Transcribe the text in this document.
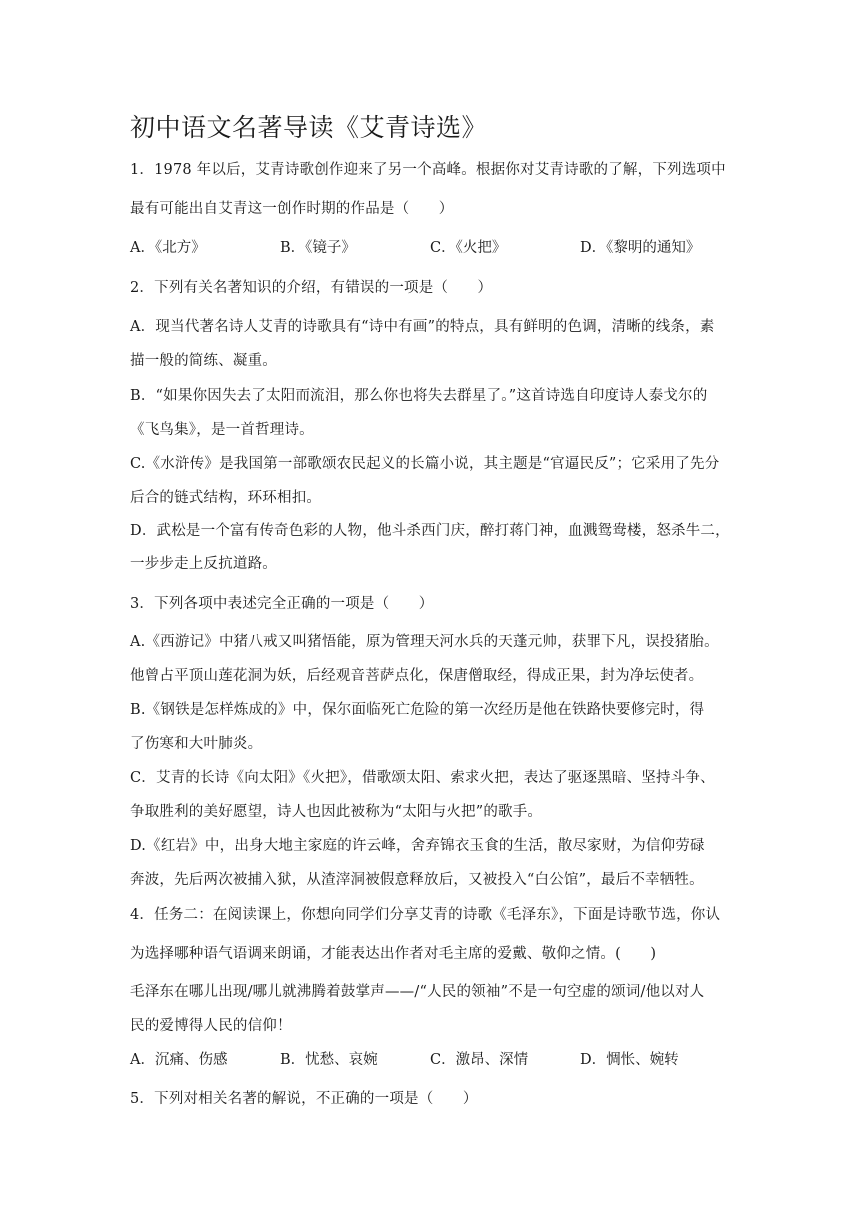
初中语文名著导读《艾青诗选》
1．1978 年以后，艾青诗歌创作迎来了另一个高峰。根据你对艾青诗歌的了解，下列选项中
最有可能出自艾青这一创作时期的作品是（　　）
A．《北方》	B．《镜子》	C．《火把》	D．《黎明的通知》
2．下列有关名著知识的介绍，有错误的一项是（　　）
A．现当代著名诗人艾青的诗歌具有“诗中有画”的特点，具有鲜明的色调，清晰的线条，素
描一般的简练、凝重。
B．“如果你因失去了太阳而流泪，那么你也将失去群星了。”这首诗选自印度诗人泰戈尔的
《飞鸟集》，是一首哲理诗。
C.《水浒传》是我国第一部歌颂农民起义的长篇小说，其主题是“官逼民反”；它采用了先分
后合的链式结构，环环相扣。
D．武松是一个富有传奇色彩的人物，他斗杀西门庆，醉打蒋门神，血溅鸳鸯楼，怒杀牛二，
一步步走上反抗道路。
3．下列各项中表述完全正确的一项是（　　）
A.《西游记》中猪八戒又叫猪悟能，原为管理天河水兵的天蓬元帅，获罪下凡，误投猪胎。
他曾占平顶山莲花洞为妖，后经观音菩萨点化，保唐僧取经，得成正果，封为净坛使者。
B.《钢铁是怎样炼成的》中，保尔面临死亡危险的第一次经历是他在铁路快要修完时，得
了伤寒和大叶肺炎。
C．艾青的长诗《向太阳》《火把》，借歌颂太阳、索求火把，表达了驱逐黑暗、坚持斗争、
争取胜利的美好愿望，诗人也因此被称为“太阳与火把”的歌手。
D.《红岩》中，出身大地主家庭的许云峰，舍弃锦衣玉食的生活，散尽家财，为信仰劳碌
奔波，先后两次被捕入狱，从渣滓洞被假意释放后，又被投入“白公馆”，最后不幸牺牲。
4．任务二：在阅读课上，你想向同学们分享艾青的诗歌《毛泽东》，下面是诗歌节选，你认
为选择哪种语气语调来朗诵，才能表达出作者对毛主席的爱戴、敬仰之情。(　　)
毛泽东在哪儿出现/哪儿就沸腾着鼓掌声——/“人民的领袖”不是一句空虚的颂词/他以对人
民的爱博得人民的信仰！
A．沉痛、伤感	B．忧愁、哀婉	C．激昂、深情	D．惆怅、婉转
5．下列对相关名著的解说，不正确的一项是（　　）
